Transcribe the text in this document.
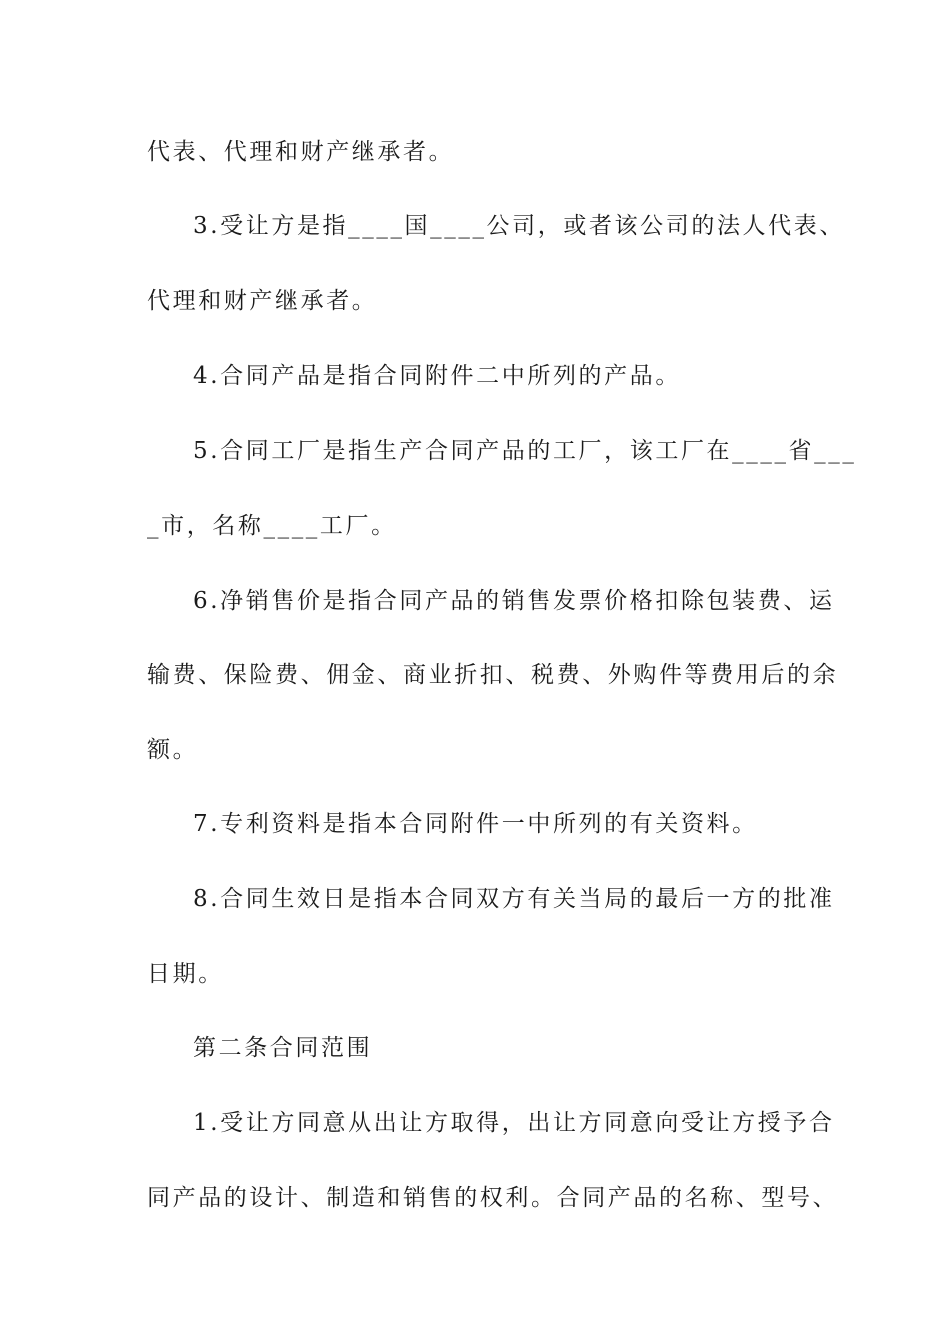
代表、代理和财产继承者。
3.受让方是指____国____公司，或者该公司的法人代表、
代理和财产继承者。
4.合同产品是指合同附件二中所列的产品。
5.合同工厂是指生产合同产品的工厂，该工厂在____省___
_市，名称____工厂。
6.净销售价是指合同产品的销售发票价格扣除包装费、运
输费、保险费、佣金、商业折扣、税费、外购件等费用后的余
额。
7.专利资料是指本合同附件一中所列的有关资料。
8.合同生效日是指本合同双方有关当局的最后一方的批准
日期。
第二条合同范围
1.受让方同意从出让方取得，出让方同意向受让方授予合
同产品的设计、制造和销售的权利。合同产品的名称、型号、
